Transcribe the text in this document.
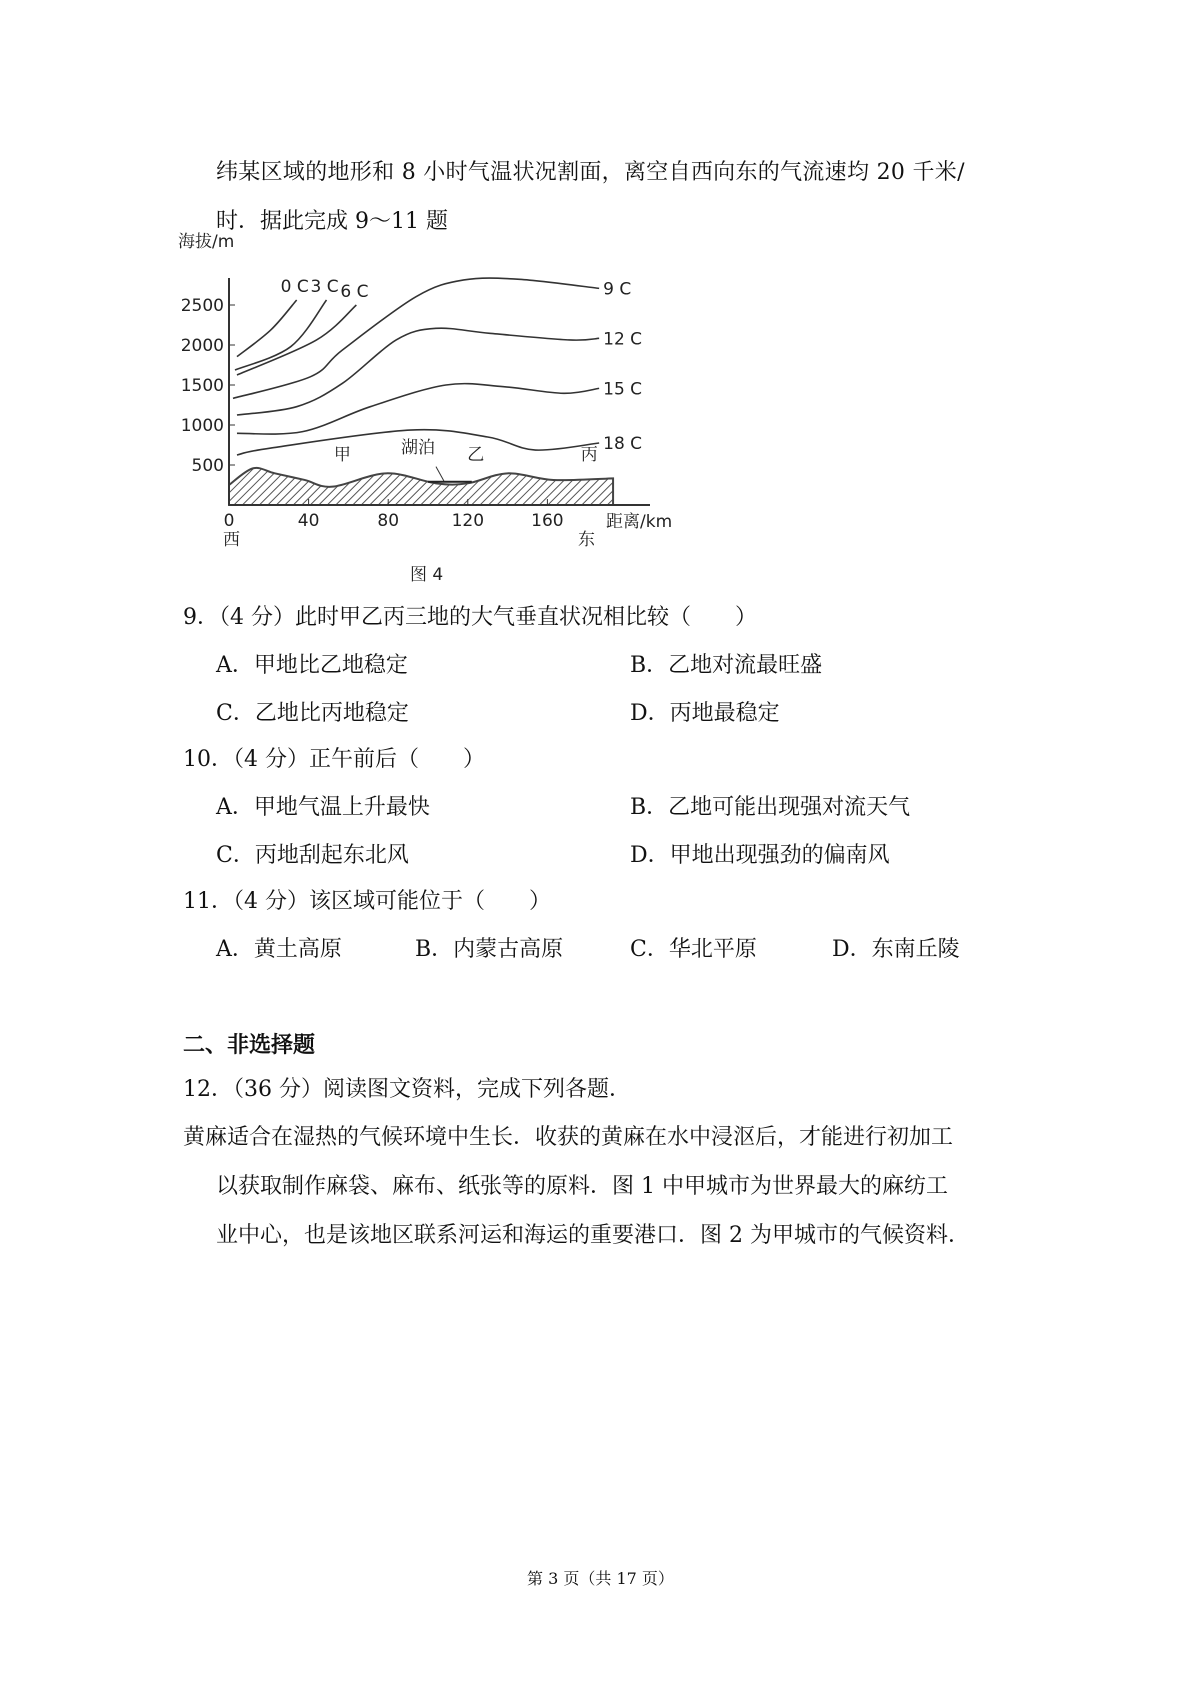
纬某区域的地形和 8 小时气温状况割面，离空自西向东的气流速均 20 千米/
时．据此完成 9～11 题
500
1000
1500
2000
2500
0	40	80	120	160
0 C 3 C 6 C	9 C
12 C
15 C
18 C
甲	湖泊 乙	丙
海拔/m
距离/km
西	东
图 4
9．（4 分）此时甲乙丙三地的大气垂直状况相比较（　　）
A．甲地比乙地稳定	B．乙地对流最旺盛
C．乙地比丙地稳定	D．丙地最稳定
10．（4 分）正午前后（　　）
A．甲地气温上升最快	B．乙地可能出现强对流天气
C．丙地刮起东北风	D．甲地出现强劲的偏南风
11．（4 分）该区域可能位于（　　）
A．黄土高原	B．内蒙古高原	C．华北平原	D．东南丘陵
二、非选择题
12．（36 分）阅读图文资料，完成下列各题．
黄麻适合在湿热的气候环境中生长．收获的黄麻在水中浸沤后，才能进行初加工
以获取制作麻袋、麻布、纸张等的原料．图 1 中甲城市为世界最大的麻纺工
业中心，也是该地区联系河运和海运的重要港口．图 2 为甲城市的气候资料．
第 3 页（共 17 页）
